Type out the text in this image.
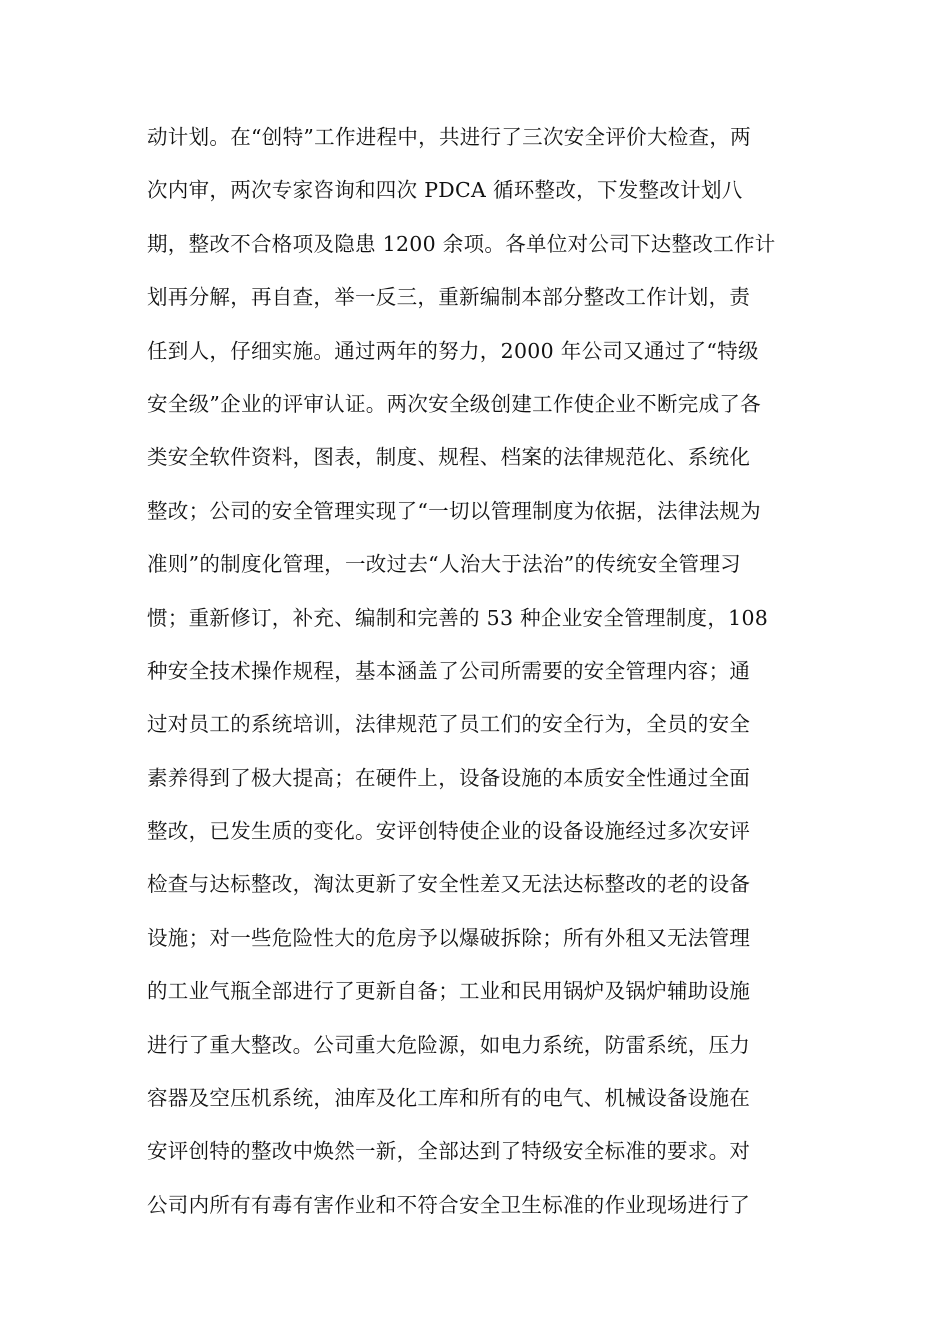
动计划。在“创特”工作进程中，共进行了三次安全评价大检查，两
次内审，两次专家咨询和四次 PDCA 循环整改，下发整改计划八
期，整改不合格项及隐患 1200 余项。各单位对公司下达整改工作计
划再分解，再自查，举一反三，重新编制本部分整改工作计划，责
任到人，仔细实施。通过两年的努力，2000 年公司又通过了“特级
安全级”企业的评审认证。两次安全级创建工作使企业不断完成了各
类安全软件资料，图表，制度、规程、档案的法律规范化、系统化
整改；公司的安全管理实现了“一切以管理制度为依据，法律法规为
准则”的制度化管理，一改过去“人治大于法治”的传统安全管理习
惯；重新修订，补充、编制和完善的 53 种企业安全管理制度，108
种安全技术操作规程，基本涵盖了公司所需要的安全管理内容；通
过对员工的系统培训，法律规范了员工们的安全行为，全员的安全
素养得到了极大提高；在硬件上，设备设施的本质安全性通过全面
整改，已发生质的变化。安评创特使企业的设备设施经过多次安评
检查与达标整改，淘汰更新了安全性差又无法达标整改的老的设备
设施；对一些危险性大的危房予以爆破拆除；所有外租又无法管理
的工业气瓶全部进行了更新自备；工业和民用锅炉及锅炉辅助设施
进行了重大整改。公司重大危险源，如电力系统，防雷系统，压力
容器及空压机系统，油库及化工库和所有的电气、机械设备设施在
安评创特的整改中焕然一新，全部达到了特级安全标准的要求。对
公司内所有有毒有害作业和不符合安全卫生标准的作业现场进行了
